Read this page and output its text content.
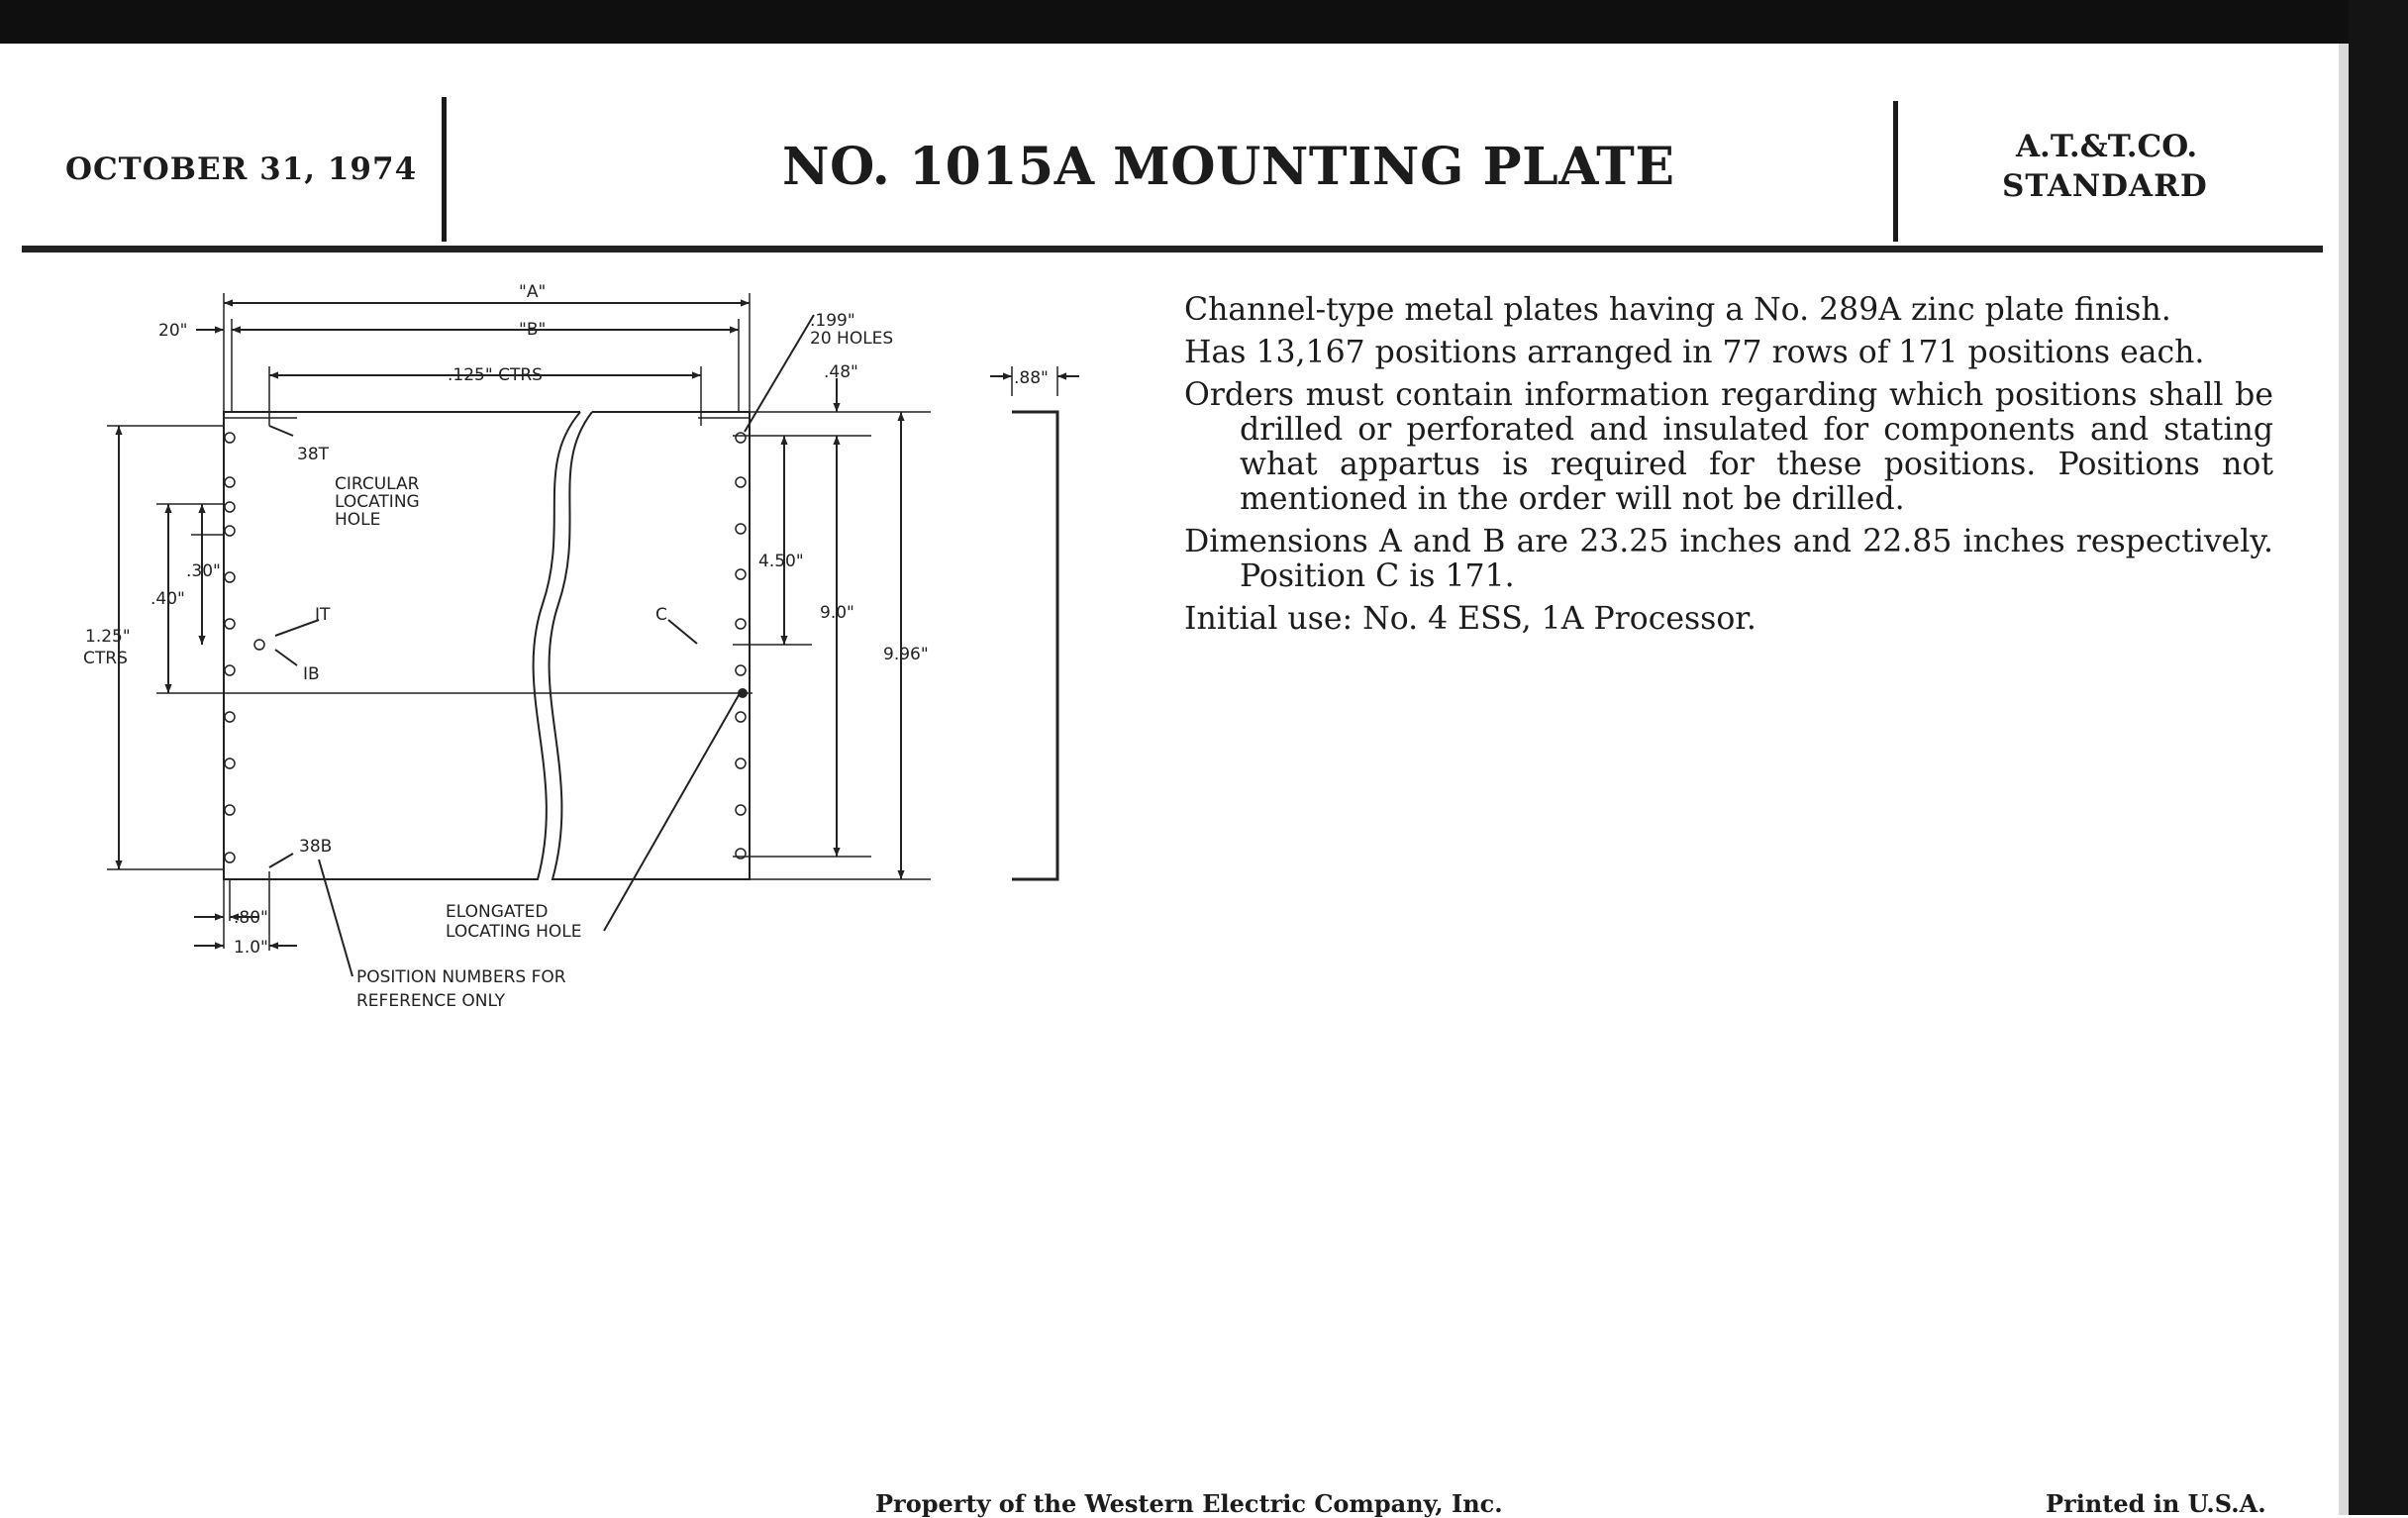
OCTOBER 31, 1974	NO. 1015A MOUNTING PLATE	A.T.&T.CO.
STANDARD
"A"
"B"
20"
.125" CTRS
.199"
20 HOLES
.48"	.88"
38T
CIRCULAR
LOCATING
HOLE
.30"
.40"
IT
IB
1.25"
CTRS
C
4.50"
9.0"
9.96"
38B
.80"
1.0"
ELONGATED
LOCATING HOLE
POSITION NUMBERS FOR
REFERENCE ONLY

Channel-type metal plates having a No. 289A zinc plate finish.

Has 13,167 positions arranged in 77 rows of 171 positions each.

Orders must contain information regarding which positions shall be drilled or perforated and insulated for components and stating what appartus is required for these positions. Positions not mentioned in the order will not be drilled.

Dimensions A and B are 23.25 inches and 22.85 inches respectively. Position C is 171.

Initial use: No. 4 ESS, 1A Processor.

Property of the Western Electric Company, Inc.	Printed in U.S.A.
